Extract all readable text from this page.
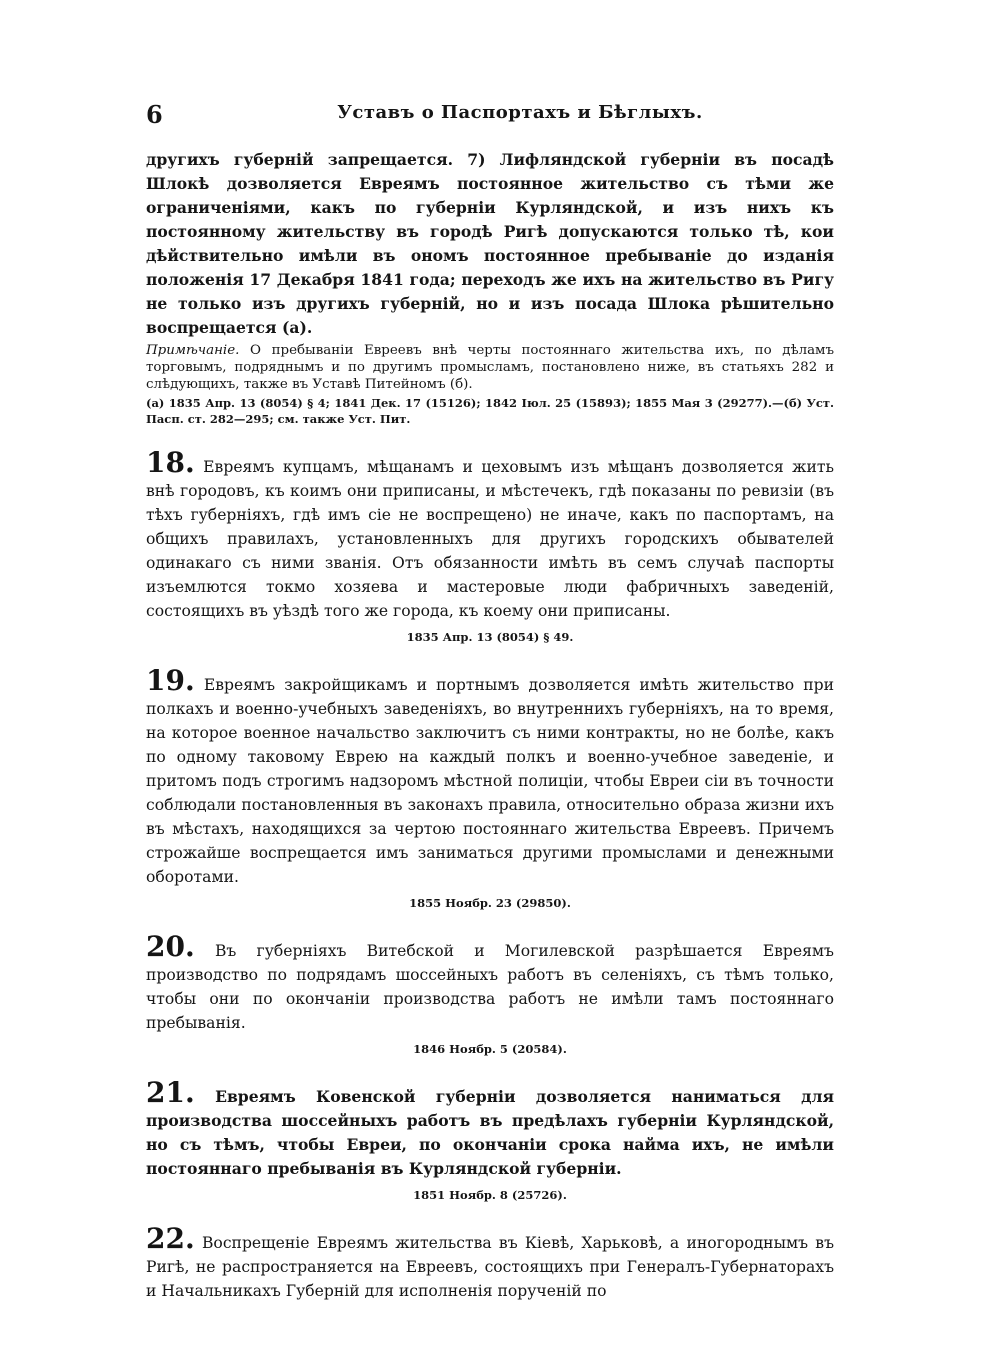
6	Уставъ о Паспортахъ и Бѣглыхъ.

другихъ губерній запрещается. 7) Лифляндской губерніи въ посадѣ Шлокѣ дозволяется Евреямъ постоянное жительство съ тѣми же ограниченіями, какъ по губерніи Курляндской, и изъ нихъ къ постоянному жительству въ городѣ Ригѣ допускаются только тѣ, кои дѣйствительно имѣли въ ономъ постоянное пребываніе до изданія положенія 17 Декабря 1841 года; переходъ же ихъ на жительство въ Ригу не только изъ другихъ губерній, но и изъ посада Шлока рѣшительно воспрещается (а).

Примѣчаніе. О пребываніи Евреевъ внѣ черты постояннаго жительства ихъ, по дѣламъ торговымъ, подряднымъ и по другимъ промысламъ, постановлено ниже, въ статьяхъ 282 и слѣдующихъ, также въ Уставѣ Питейномъ (б).

(а) 1835 Апр. 13 (8054) § 4; 1841 Дек. 17 (15126); 1842 Іюл. 25 (15893); 1855 Мая 3 (29277).—(б) Уст. Пасп. ст. 282—295; см. также Уст. Пит.

18 . Евреямъ купцамъ, мѣщанамъ и цеховымъ изъ мѣщанъ дозволяется жить внѣ городовъ, къ коимъ они приписаны, и мѣстечекъ, гдѣ показаны по ревизіи (въ тѣхъ губерніяхъ, гдѣ имъ сіе не воспрещено) не иначе, какъ по паспортамъ, на общихъ правилахъ, установленныхъ для другихъ городскихъ обывателей одинакаго съ ними званія. Отъ обязанности имѣть въ семъ случаѣ паспорты изъемлются токмо хозяева и мастеровые люди фабричныхъ заведеній, состоящихъ въ уѣздѣ того же города, къ коему они приписаны.

1835 Апр. 13 (8054) § 49.

19 . Евреямъ закройщикамъ и портнымъ дозволяется имѣть жительство при полкахъ и военно-учебныхъ заведеніяхъ, во внутреннихъ губерніяхъ, на то время, на которое военное начальство заключитъ съ ними контракты, но не болѣе, какъ по одному таковому Еврею на каждый полкъ и военно-учебное заведеніе, и притомъ подъ строгимъ надзоромъ мѣстной полиціи, чтобы Евреи сіи въ точности соблюдали постановленныя въ законахъ правила, относительно образа жизни ихъ въ мѣстахъ, находящихся за чертою постояннаго жительства Евреевъ. Причемъ строжайше воспрещается имъ заниматься другими промыслами и денежными оборотами.

1855 Ноябр. 23 (29850).

20 . Въ губерніяхъ Витебской и Могилевской разрѣшается Евреямъ производство по подрядамъ шоссейныхъ работъ въ селеніяхъ, съ тѣмъ только, чтобы они по окончаніи производства работъ не имѣли тамъ постояннаго пребыванія.

1846 Ноябр. 5 (20584).

21 . Евреямъ Ковенской губерніи дозволяется наниматься для производства шоссейныхъ работъ въ предѣлахъ губерніи Курляндской, но съ тѣмъ, чтобы Евреи, по окончаніи срока найма ихъ, не имѣли постояннаго пребыванія въ Курляндской губерніи.

1851 Ноябр. 8 (25726).

22 . Воспрещеніе Евреямъ жительства въ Кіевѣ, Харьковѣ, а иногороднымъ въ Ригѣ, не распространяется на Евреевъ, состоящихъ при Генералъ-Губернаторахъ и Начальникахъ Губерній для исполненія порученій по
